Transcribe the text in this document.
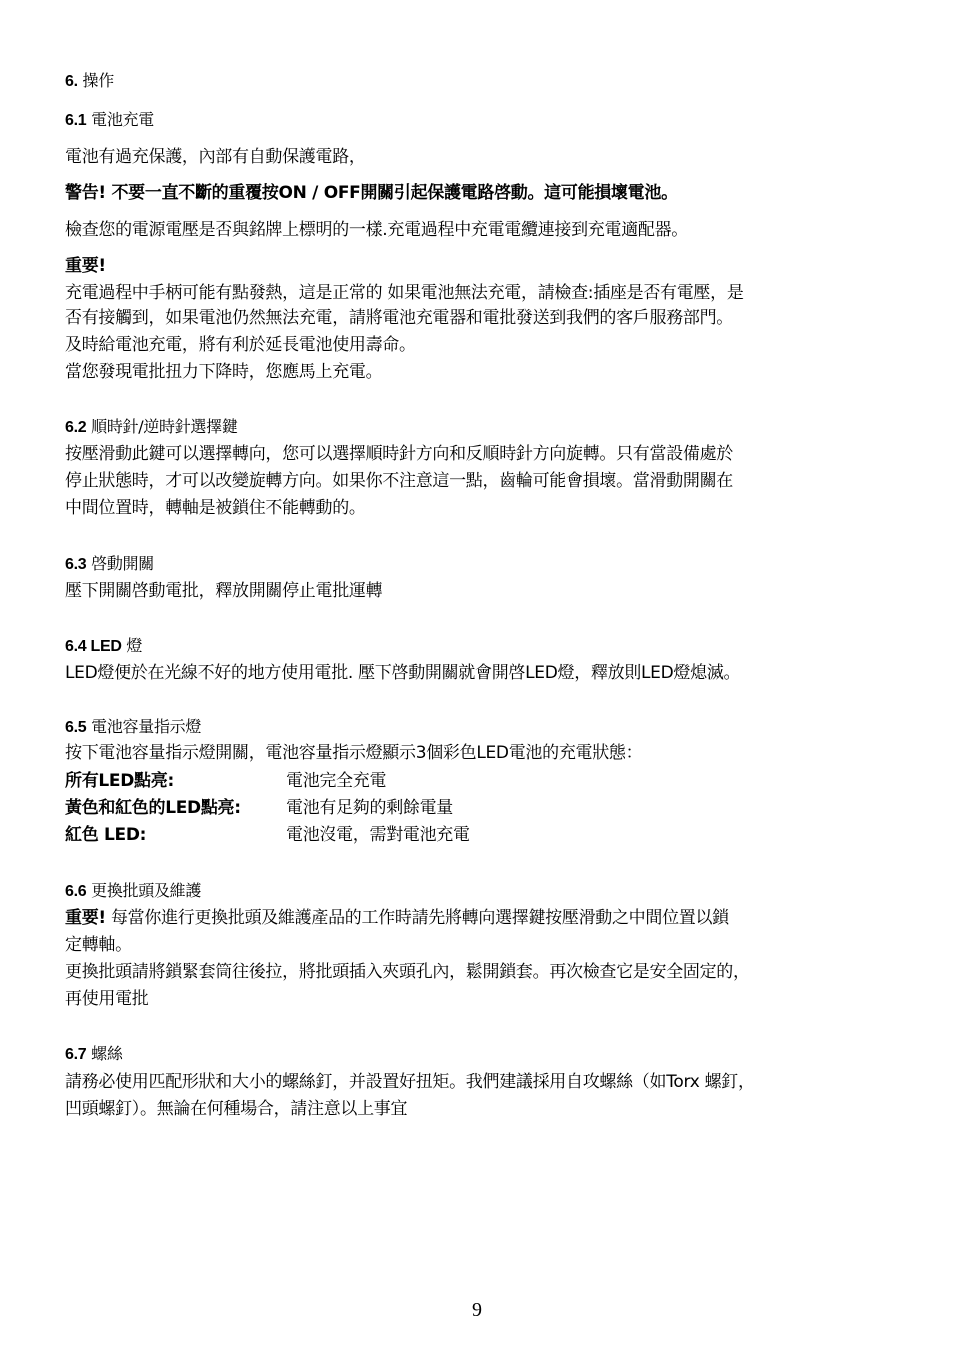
6. 操作
6.1 電池充電
電池有過充保護，內部有自動保護電路，
警告! 不要一直不斷的重覆按ON / OFF開關引起保護電路啓動。這可能損壞電池。
檢查您的電源電壓是否與銘牌上標明的一樣.充電過程中充電電纜連接到充電適配器。
重要!
充電過程中手柄可能有點發熱，這是正常的 如果電池無法充電，請檢查:插座是否有電壓，是
否有接觸到，如果電池仍然無法充電，請將電池充電器和電批發送到我們的客戶服務部門。
及時給電池充電，將有利於延長電池使用壽命。
當您發現電批扭力下降時，您應馬上充電。
6.2 順時針/逆時針選擇鍵
按壓滑動此鍵可以選擇轉向，您可以選擇順時針方向和反順時針方向旋轉。只有當設備處於
停止狀態時，才可以改變旋轉方向。如果你不注意這一點，齒輪可能會損壞。當滑動開關在
中間位置時，轉軸是被鎖住不能轉動的。
6.3 啓動開關
壓下開關啓動電批，釋放開關停止電批運轉
6.4 LED 燈
LED燈便於在光線不好的地方使用電批. 壓下啓動開關就會開啓LED燈，釋放則LED燈熄滅。
6.5 電池容量指示燈
按下電池容量指示燈開關，電池容量指示燈顯示3個彩色LED電池的充電狀態：
所有LED點亮:	電池完全充電
黃色和紅色的LED點亮:	電池有足夠的剩餘電量
紅色 LED:	電池沒電，需對電池充電
6.6 更換批頭及維護
重要! 每當你進行更換批頭及維護產品的工作時請先將轉向選擇鍵按壓滑動之中間位置以鎖
定轉軸。
更換批頭請將鎖緊套筒往後拉，將批頭插入夾頭孔內，鬆開鎖套。再次檢查它是安全固定的，
再使用電批
6.7 螺絲
請務必使用匹配形狀和大小的螺絲釘，并設置好扭矩。我們建議採用自攻螺絲（如Torx 螺釘，
凹頭螺釘）。無論在何種場合，請注意以上事宜
9
